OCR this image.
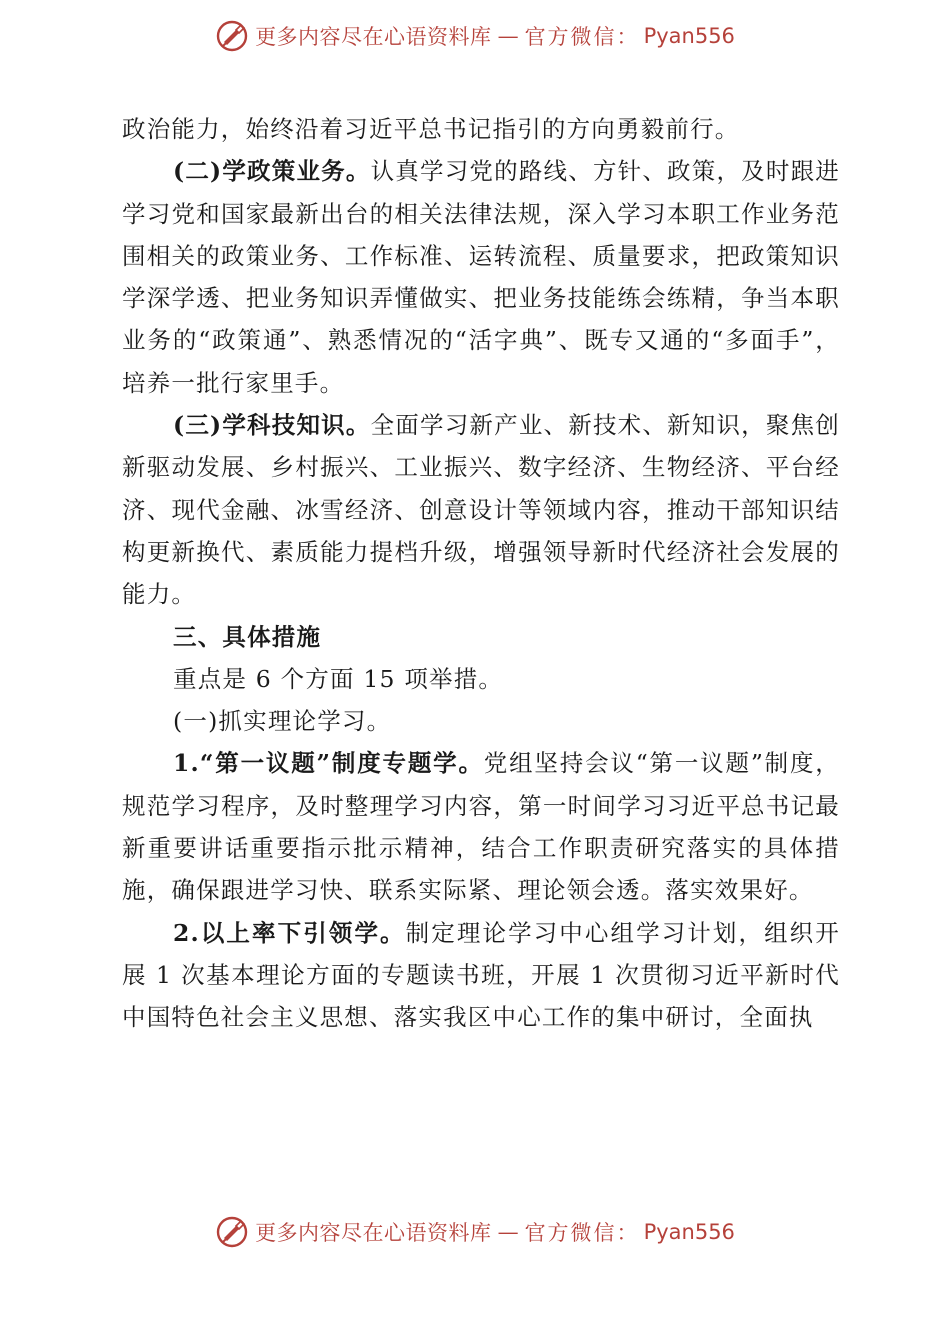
更多内容尽在心语资料库 — 官方微信： Pyan556

政治能力，始终沿着习近平总书记指引的方向勇毅前行。

(二)学政策业务。认真学习党的路线、方针、政策，及时跟进学习党和国家最新出台的相关法律法规，深入学习本职工作业务范围相关的政策业务、工作标准、运转流程、质量要求，把政策知识学深学透、把业务知识弄懂做实、把业务技能练会练精，争当本职业务的“政策通”、熟悉情况的“活字典”、既专又通的“多面手”，培养一批行家里手。

(三)学科技知识。全面学习新产业、新技术、新知识，聚焦创新驱动发展、乡村振兴、工业振兴、数字经济、生物经济、平台经济、现代金融、冰雪经济、创意设计等领域内容，推动干部知识结构更新换代、素质能力提档升级，增强领导新时代经济社会发展的能力。

三、具体措施

重点是 6 个方面 15 项举措。

(一)抓实理论学习。

1.“第一议题”制度专题学。党组坚持会议“第一议题”制度，规范学习程序，及时整理学习内容，第一时间学习习近平总书记最新重要讲话重要指示批示精神，结合工作职责研究落实的具体措施，确保跟进学习快、联系实际紧、理论领会透。落实效果好。

2.以上率下引领学。制定理论学习中心组学习计划，组织开展 1 次基本理论方面的专题读书班，开展 1 次贯彻习近平新时代中国特色社会主义思想、落实我区中心工作的集中研讨，全面执

更多内容尽在心语资料库 — 官方微信： Pyan556
